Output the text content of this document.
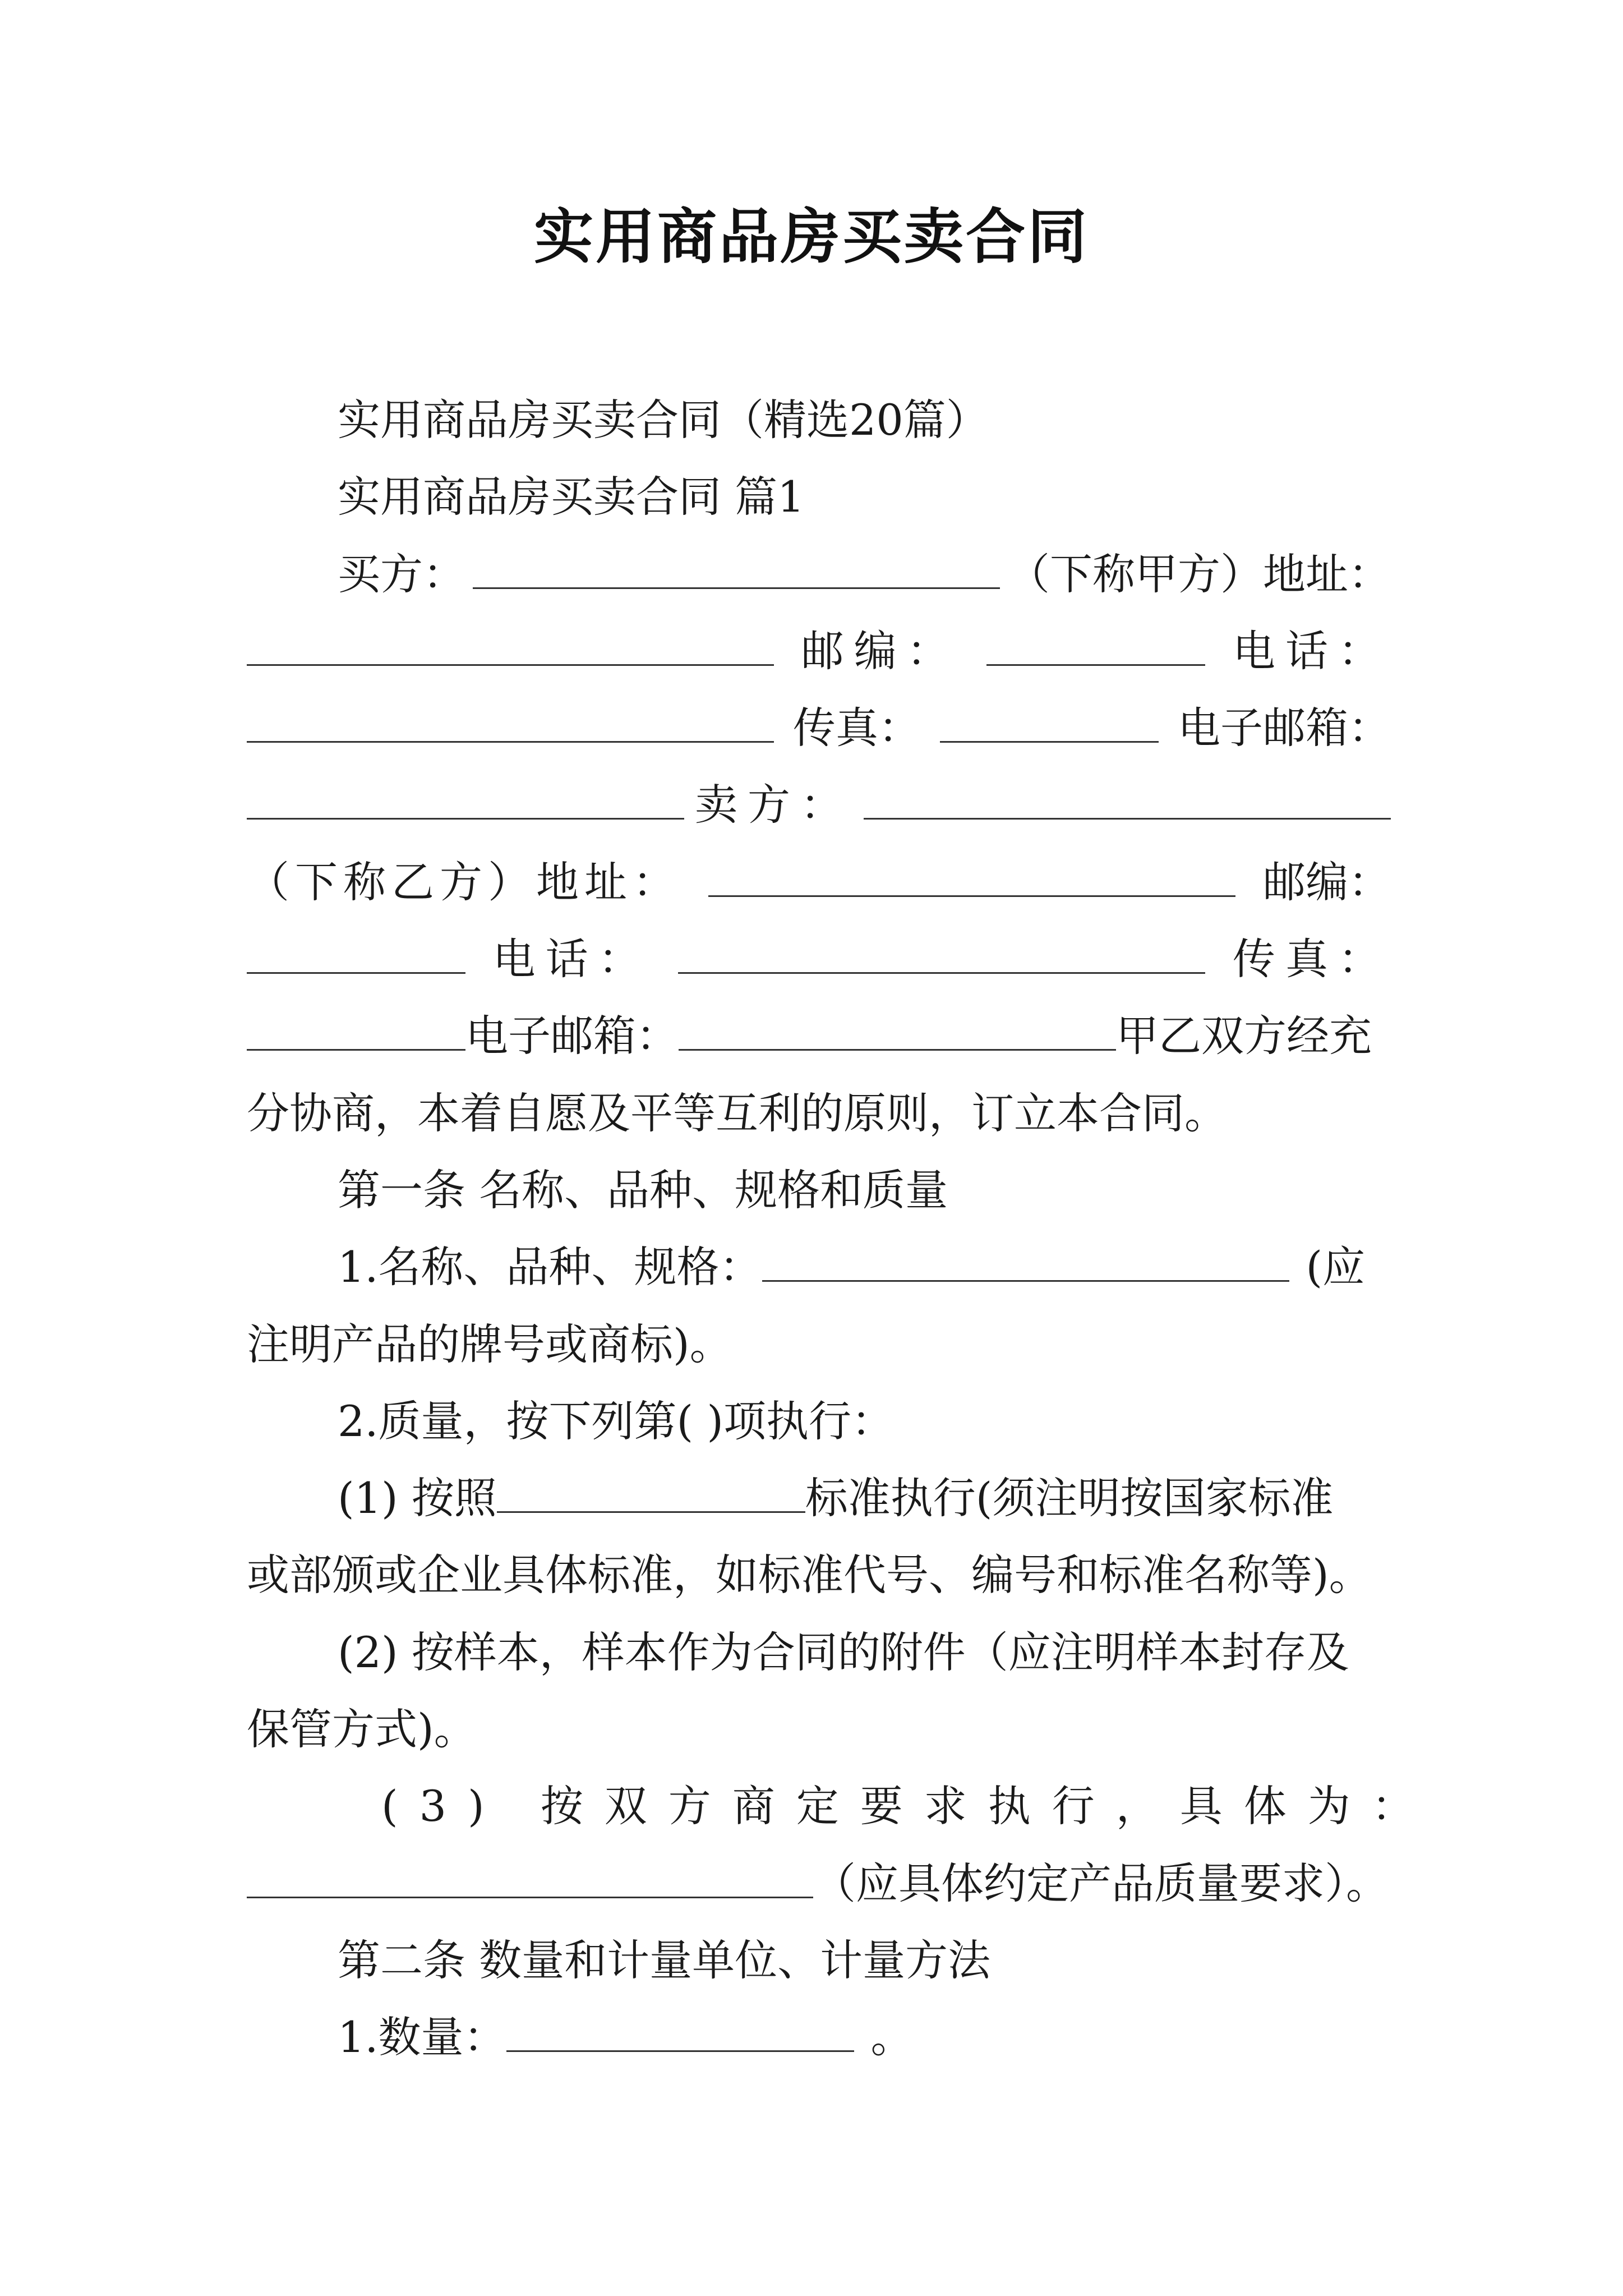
实用商品房买卖合同
实用商品房买卖合同（精选20篇）
实用商品房买卖合同 篇1
买方：	（下称甲方）地址：
邮编：	电话：
传真：	电子邮箱：
卖方：
（下称乙方）地址：	邮编：
电话：	传真：
电子邮箱：	甲乙双方经充
分协商，本着自愿及平等互利的原则，订立本合同。
第一条 名称、品种、规格和质量
1.名称、品种、规格：	(应
注明产品的牌号或商标)。
2.质量，按下列第( )项执行：
(1) 按照	标准执行(须注明按国家标准
或部颁或企业具体标准，如标准代号、编号和标准名称等)。
(2) 按样本，样本作为合同的附件（应注明样本封存及
保管方式)。
(3) 按双方商定要求执行，具体为：
（应具体约定产品质量要求）。
第二条 数量和计量单位、计量方法
1.数量：	。
